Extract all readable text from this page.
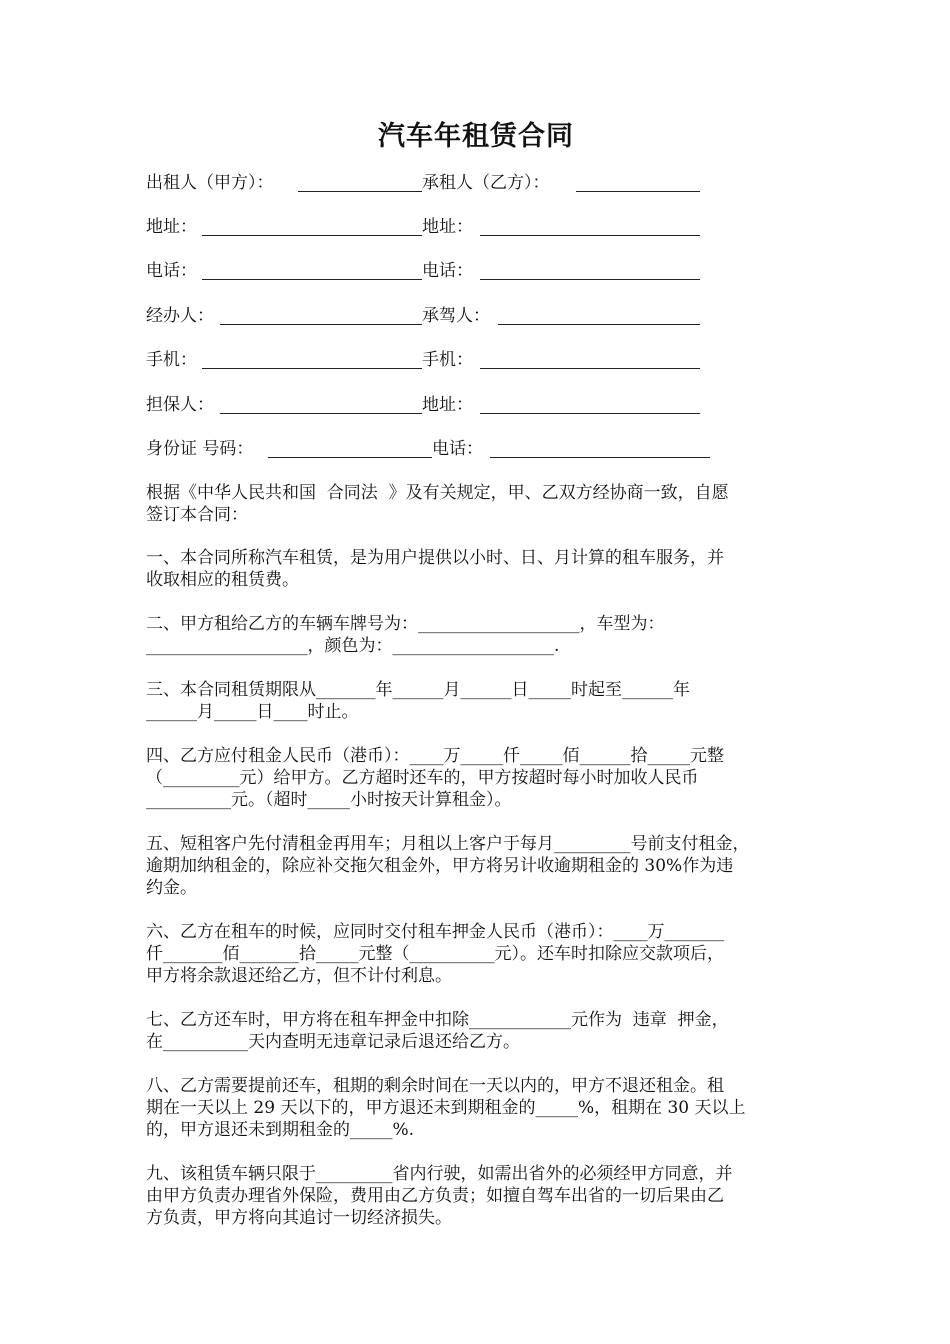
汽车年租赁合同
出租人（甲方）：	承租人（乙方）：
地址：	地址：
电话：	电话：
经办人：	承驾人：
手机：	手机：
担保人：	地址：
身份证 号码：	电话：
根据《中华人民共和国  合同法  》及有关规定，甲、乙双方经协商一致，自愿
签订本合同：
一、本合同所称汽车租赁，是为用户提供以小时、日、月计算的租车服务，并
收取相应的租赁费。
二、甲方租给乙方的车辆车牌号为：___________________，车型为：
___________________，颜色为：___________________.
三、本合同租赁期限从_______年______月______日_____时起至______年
______月_____日____时止。
四、乙方应付租金人民币（港币）：____万_____仟_____佰______拾_____元整
（_________元）给甲方。乙方超时还车的，甲方按超时每小时加收人民币
__________元。（超时_____小时按天计算租金）。
五、短租客户先付清租金再用车；月租以上客户于每月_________号前支付租金，
逾期加纳租金的，除应补交拖欠租金外，甲方将另计收逾期租金的 30%作为违
约金。
六、乙方在租车的时候，应同时交付租车押金人民币（港币）：____万_______
仟_______佰_______拾_____元整（__________元）。还车时扣除应交款项后，
甲方将余款退还给乙方，但不计付利息。
七、乙方还车时，甲方将在租车押金中扣除____________元作为  违章  押金，
在__________天内查明无违章记录后退还给乙方。
八、乙方需要提前还车，租期的剩余时间在一天以内的，甲方不退还租金。租
期在一天以上 29 天以下的，甲方退还未到期租金的_____%，租期在 30 天以上
的，甲方退还未到期租金的_____%.
九、该租赁车辆只限于_________省内行驶，如需出省外的必须经甲方同意，并
由甲方负责办理省外保险，费用由乙方负责；如擅自驾车出省的一切后果由乙
方负责，甲方将向其追讨一切经济损失。
